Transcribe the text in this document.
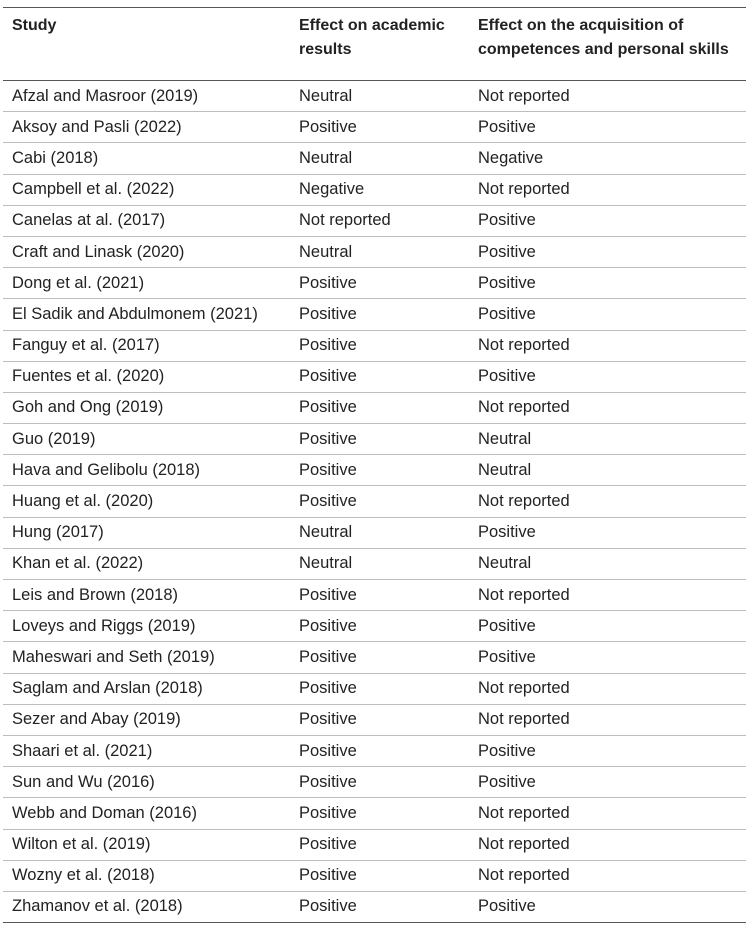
Study	Effect on academic results	Effect on the acquisition of competences and personal skills
Afzal and Masroor (2019)	Neutral	Not reported
Aksoy and Pasli (2022)	Positive	Positive
Cabi (2018)	Neutral	Negative
Campbell et al. (2022)	Negative	Not reported
Canelas at al. (2017)	Not reported	Positive
Craft and Linask (2020)	Neutral	Positive
Dong et al. (2021)	Positive	Positive
El Sadik and Abdulmonem (2021)	Positive	Positive
Fanguy et al. (2017)	Positive	Not reported
Fuentes et al. (2020)	Positive	Positive
Goh and Ong (2019)	Positive	Not reported
Guo (2019)	Positive	Neutral
Hava and Gelibolu (2018)	Positive	Neutral
Huang et al. (2020)	Positive	Not reported
Hung (2017)	Neutral	Positive
Khan et al. (2022)	Neutral	Neutral
Leis and Brown (2018)	Positive	Not reported
Loveys and Riggs (2019)	Positive	Positive
Maheswari and Seth (2019)	Positive	Positive
Saglam and Arslan (2018)	Positive	Not reported
Sezer and Abay (2019)	Positive	Not reported
Shaari et al. (2021)	Positive	Positive
Sun and Wu (2016)	Positive	Positive
Webb and Doman (2016)	Positive	Not reported
Wilton et al. (2019)	Positive	Not reported
Wozny et al. (2018)	Positive	Not reported
Zhamanov et al. (2018)	Positive	Positive
